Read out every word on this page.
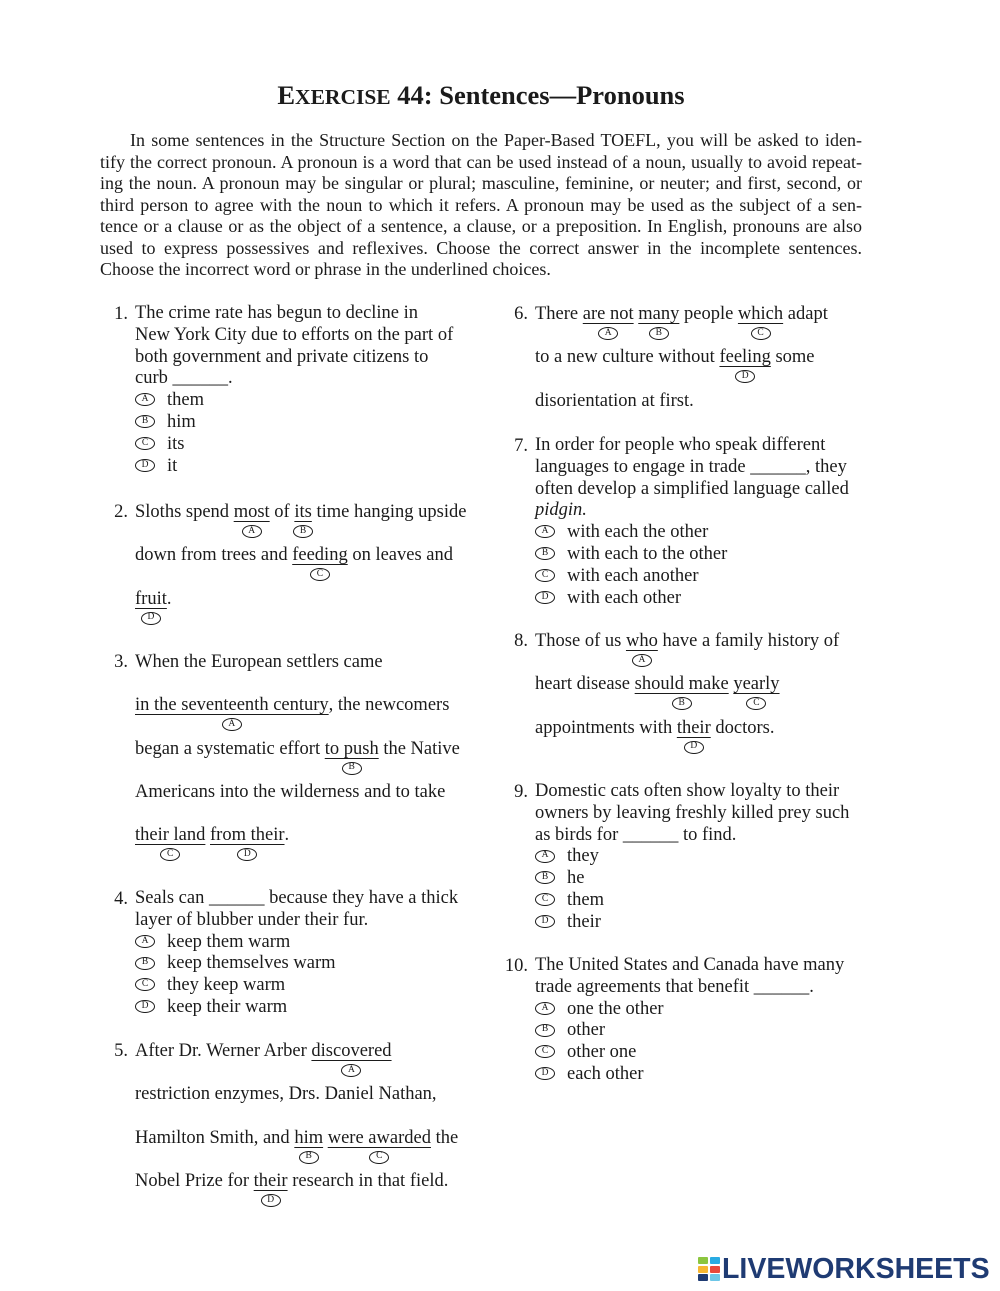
EXERCISE 44: Sentences—Pronouns
In some sentences in the Structure Section on the Paper-Based TOEFL, you will be asked to iden-
tify the correct pronoun. A pronoun is a word that can be used instead of a noun, usually to avoid repeat-
ing the noun. A pronoun may be singular or plural; masculine, feminine, or neuter; and first, second, or
third person to agree with the noun to which it refers. A pronoun may be used as the subject of a sen-
tence or a clause or as the object of a sentence, a clause, or a preposition. In English, pronouns are also
used to express possessives and reflexives. Choose the correct answer in the incomplete sentences.
Choose the incorrect word or phrase in the underlined choices.
1. The crime rate has begun to decline in
New York City due to efforts on the part of
both government and private citizens to
curb ______.
A them
B him
C its
D it
2. Sloths spend most
A
of its
B
time hanging upside
down from trees and feeding
C
on leaves and
fruit
D
.
3. When the European settlers came
in the seventeenth century
A
, the newcomers
began a systematic effort to push
B
the Native
Americans into the wilderness and to take
their land
C
from their
D
.
4. Seals can ______ because they have a thick
layer of blubber under their fur.
A keep them warm
B keep themselves warm
C they keep warm
D keep their warm
5. After Dr. Werner Arber discovered
A
restriction enzymes, Drs. Daniel Nathan,
Hamilton Smith, and him
B
were awarded
C
the
Nobel Prize for their
D
research in that field.
6. There are not
A
many
B
people which
C
adapt
to a new culture without feeling
D
some
disorientation at first.
7. In order for people who speak different
languages to engage in trade ______, they
often develop a simplified language called
pidgin.
A with each the other
B with each to the other
C with each another
D with each other
8. Those of us who
A
have a family history of
heart disease should make
B
yearly
C
appointments with their
D
doctors.
9. Domestic cats often show loyalty to their
owners by leaving freshly killed prey such
as birds for ______ to find.
A they
B he
C them
D their
10. The United States and Canada have many
trade agreements that benefit ______.
A one the other
B other
C other one
D each other
LIVEWORKSHEETS
